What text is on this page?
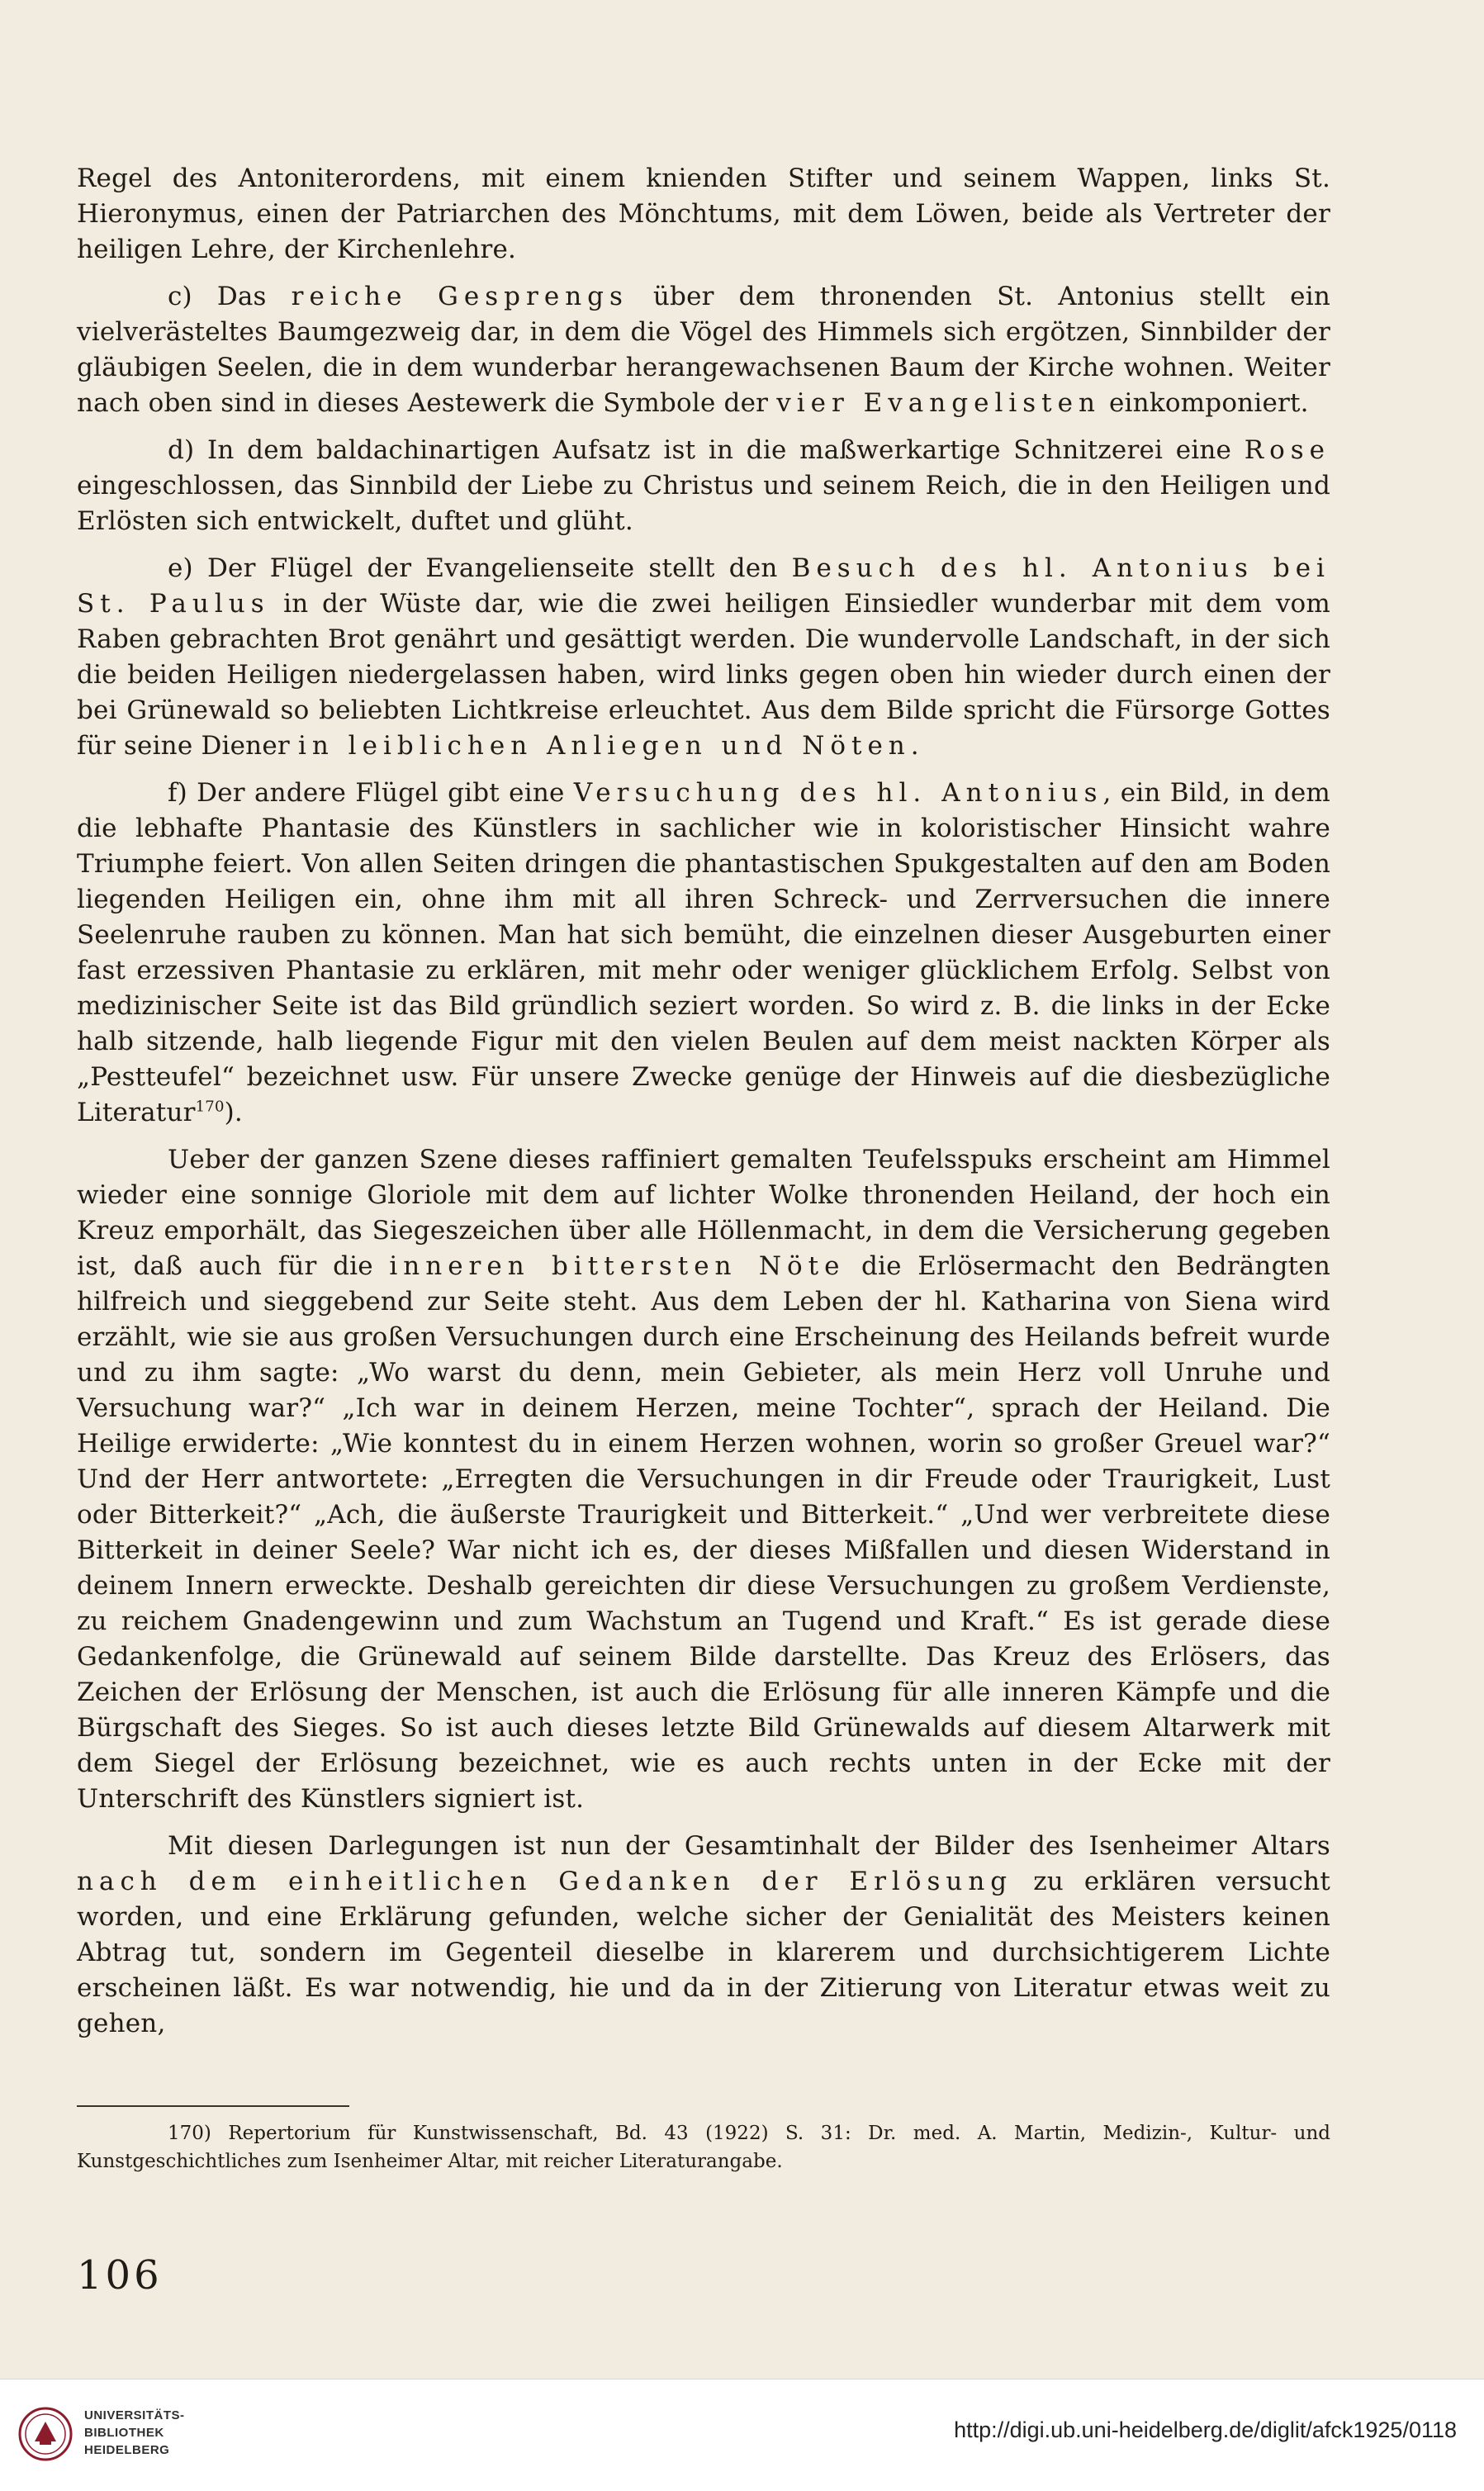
Regel des Antoniterordens, mit einem knienden Stifter und seinem Wappen, links St. Hieronymus, einen der Patriarchen des Mönchtums, mit dem Löwen, beide als Vertreter der heiligen Lehre, der Kirchenlehre.

c) Das reiche Gesprengs über dem thronenden St. Antonius stellt ein vielverästeltes Baumgezweig dar, in dem die Vögel des Himmels sich ergötzen, Sinnbilder der gläubigen Seelen, die in dem wunderbar herangewachsenen Baum der Kirche wohnen. Weiter nach oben sind in dieses Aestewerk die Symbole der vier Evangelisten einkomponiert.

d) In dem baldachinartigen Aufsatz ist in die maßwerkartige Schnitzerei eine Rose eingeschlossen, das Sinnbild der Liebe zu Christus und seinem Reich, die in den Heiligen und Erlösten sich entwickelt, duftet und glüht.

e) Der Flügel der Evangelienseite stellt den Besuch des hl. Antonius bei St. Paulus in der Wüste dar, wie die zwei heiligen Einsiedler wunderbar mit dem vom Raben gebrachten Brot genährt und gesättigt werden. Die wundervolle Landschaft, in der sich die beiden Heiligen niedergelassen haben, wird links gegen oben hin wieder durch einen der bei Grünewald so beliebten Lichtkreise erleuchtet. Aus dem Bilde spricht die Fürsorge Gottes für seine Diener in leiblichen Anliegen und Nöten.

f) Der andere Flügel gibt eine Versuchung des hl. Antonius, ein Bild, in dem die lebhafte Phantasie des Künstlers in sachlicher wie in koloristischer Hinsicht wahre Triumphe feiert. Von allen Seiten dringen die phantastischen Spukgestalten auf den am Boden liegenden Heiligen ein, ohne ihm mit all ihren Schreck- und Zerrversuchen die innere Seelenruhe rauben zu können. Man hat sich bemüht, die einzelnen dieser Ausgeburten einer fast erzessiven Phantasie zu erklären, mit mehr oder weniger glücklichem Erfolg. Selbst von medizinischer Seite ist das Bild gründlich seziert worden. So wird z. B. die links in der Ecke halb sitzende, halb liegende Figur mit den vielen Beulen auf dem meist nackten Körper als „Pestteufel“ bezeichnet usw. Für unsere Zwecke genüge der Hinweis auf die diesbezügliche Literatur$^{170}$).

Ueber der ganzen Szene dieses raffiniert gemalten Teufelsspuks erscheint am Himmel wieder eine sonnige Gloriole mit dem auf lichter Wolke thronenden Heiland, der hoch ein Kreuz emporhält, das Siegeszeichen über alle Höllenmacht, in dem die Versicherung gegeben ist, daß auch für die inneren bittersten Nöte die Erlösermacht den Bedrängten hilfreich und sieggebend zur Seite steht. Aus dem Leben der hl. Katharina von Siena wird erzählt, wie sie aus großen Versuchungen durch eine Erscheinung des Heilands befreit wurde und zu ihm sagte: „Wo warst du denn, mein Gebieter, als mein Herz voll Unruhe und Versuchung war?“ „Ich war in deinem Herzen, meine Tochter“, sprach der Heiland. Die Heilige erwiderte: „Wie konntest du in einem Herzen wohnen, worin so großer Greuel war?“ Und der Herr antwortete: „Erregten die Versuchungen in dir Freude oder Traurigkeit, Lust oder Bitterkeit?“ „Ach, die äußerste Traurigkeit und Bitterkeit.“ „Und wer verbreitete diese Bitterkeit in deiner Seele? War nicht ich es, der dieses Mißfallen und diesen Widerstand in deinem Innern erweckte. Deshalb gereichten dir diese Versuchungen zu großem Verdienste, zu reichem Gnadengewinn und zum Wachstum an Tugend und Kraft.“ Es ist gerade diese Gedankenfolge, die Grünewald auf seinem Bilde darstellte. Das Kreuz des Erlösers, das Zeichen der Erlösung der Menschen, ist auch die Erlösung für alle inneren Kämpfe und die Bürgschaft des Sieges. So ist auch dieses letzte Bild Grünewalds auf diesem Altarwerk mit dem Siegel der Erlösung bezeichnet, wie es auch rechts unten in der Ecke mit der Unterschrift des Künstlers signiert ist.

Mit diesen Darlegungen ist nun der Gesamtinhalt der Bilder des Isenheimer Altars nach dem einheitlichen Gedanken der Erlösung zu erklären versucht worden, und eine Erklärung gefunden, welche sicher der Genialität des Meisters keinen Abtrag tut, sondern im Gegenteil dieselbe in klarerem und durchsichtigerem Lichte erscheinen läßt. Es war notwendig, hie und da in der Zitierung von Literatur etwas weit zu gehen,

170) Repertorium für Kunstwissenschaft, Bd. 43 (1922) S. 31: Dr. med. A. Martin, Medizin-, Kultur- und Kunstgeschichtliches zum Isenheimer Altar, mit reicher Literaturangabe.

106
UNIVERSITÄTS-
BIBLIOTHEK
HEIDELBERG
http://digi.ub.uni-heidelberg.de/diglit/afck1925/0118
